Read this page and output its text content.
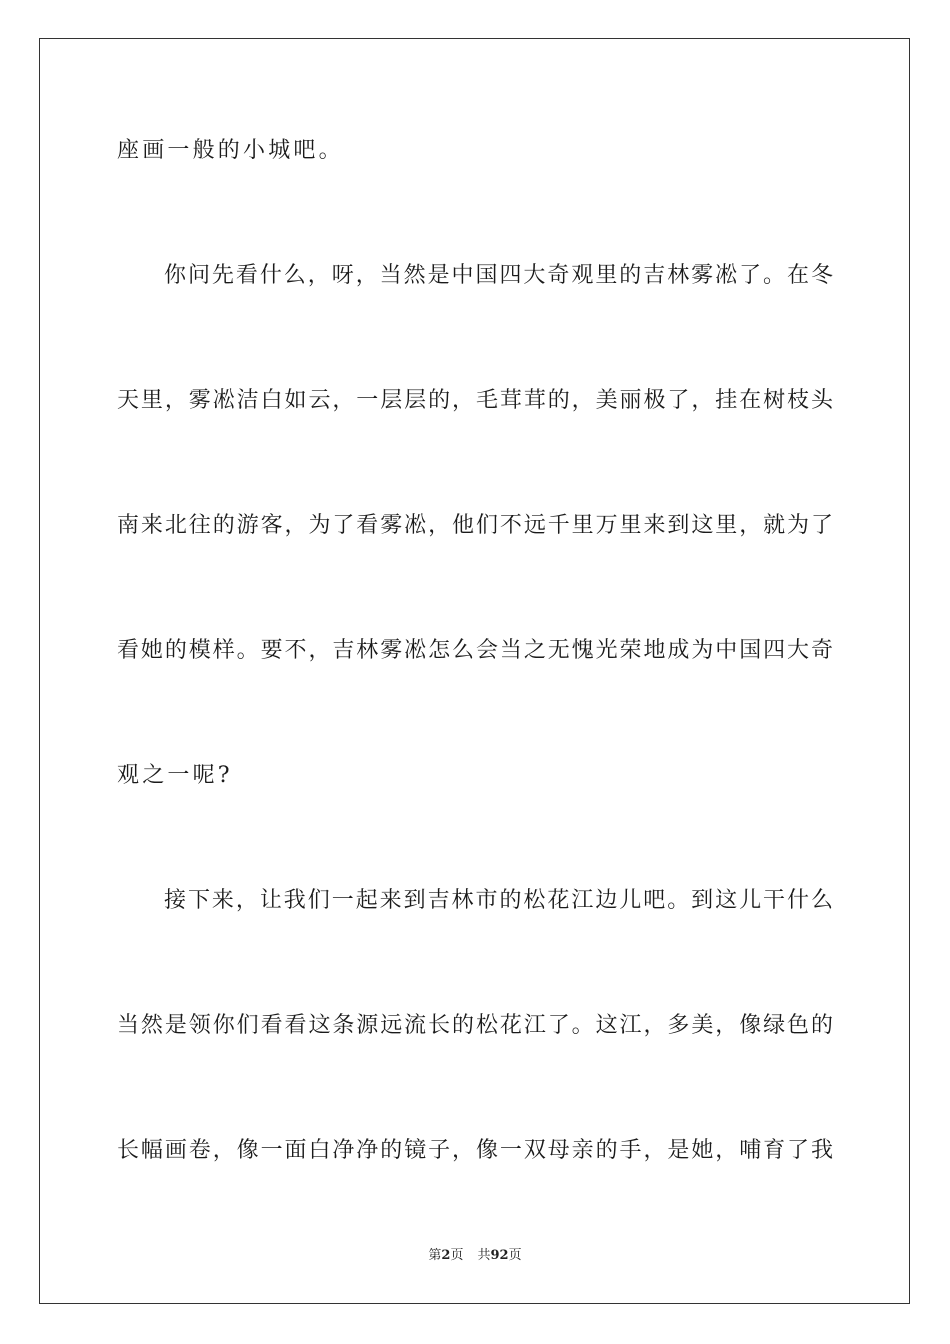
座画一般的小城吧。
你问先看什么，呀，当然是中国四大奇观里的吉林雾凇了。在冬
天里，雾凇洁白如云，一层层的，毛茸茸的，美丽极了，挂在树枝头
南来北往的游客，为了看雾凇，他们不远千里万里来到这里，就为了
看她的模样。要不，吉林雾凇怎么会当之无愧光荣地成为中国四大奇
观之一呢?
接下来，让我们一起来到吉林市的松花江边儿吧。到这儿干什么
当然是领你们看看这条源远流长的松花江了。这江，多美，像绿色的
长幅画卷，像一面白净净的镜子，像一双母亲的手，是她，哺育了我
第2页 共92页
